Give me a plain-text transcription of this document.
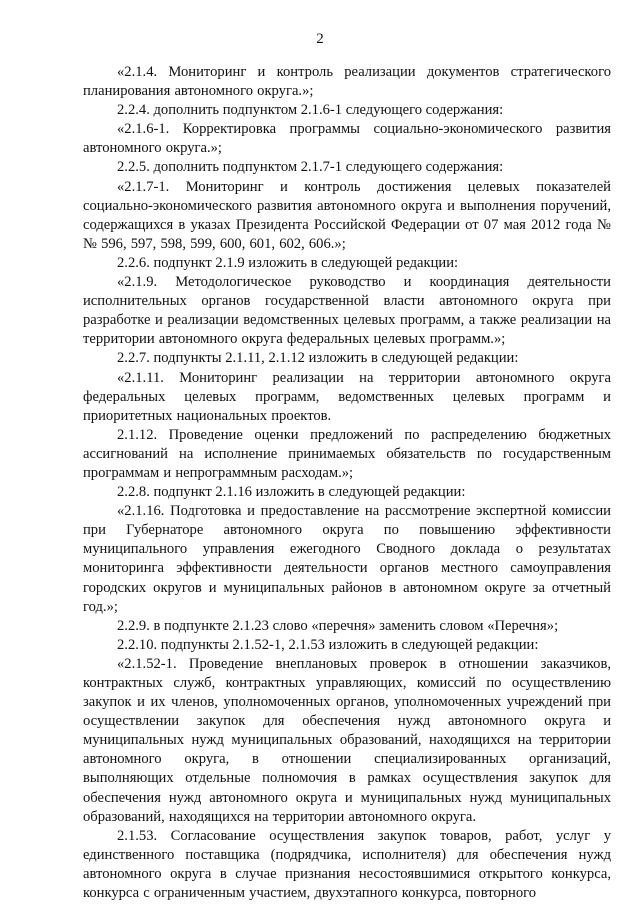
2

«2.1.4. Мониторинг и контроль реализации документов стратегического планирования автономного округа.»;

2.2.4. дополнить подпунктом 2.1.6-1 следующего содержания:

«2.1.6-1. Корректировка программы социально-экономического развития автономного округа.»;

2.2.5. дополнить подпунктом 2.1.7-1 следующего содержания:

«2.1.7-1. Мониторинг и контроль достижения целевых показателей социально-экономического развития автономного округа и выполнения поручений, содержащихся в указах Президента Российской Федерации от 07 мая 2012 года №№ 596, 597, 598, 599, 600, 601, 602, 606.»;

2.2.6. подпункт 2.1.9 изложить в следующей редакции:

«2.1.9. Методологическое руководство и координация деятельности исполнительных органов государственной власти автономного округа при разработке и реализации ведомственных целевых программ, а также реализации на территории автономного округа федеральных целевых программ.»;

2.2.7. подпункты 2.1.11, 2.1.12 изложить в следующей редакции:

«2.1.11. Мониторинг реализации на территории автономного округа федеральных целевых программ, ведомственных целевых программ и приоритетных национальных проектов.

2.1.12. Проведение оценки предложений по распределению бюджетных ассигнований на исполнение принимаемых обязательств по государственным программам и непрограммным расходам.»;

2.2.8. подпункт 2.1.16 изложить в следующей редакции:

«2.1.16. Подготовка и предоставление на рассмотрение экспертной комиссии при Губернаторе автономного округа по повышению эффективности муниципального управления ежегодного Сводного доклада о результатах мониторинга эффективности деятельности органов местного самоуправления городских округов и муниципальных районов в автономном округе за отчетный год.»;

2.2.9. в подпункте 2.1.23 слово «перечня» заменить словом «Перечня»;

2.2.10. подпункты 2.1.52-1, 2.1.53 изложить в следующей редакции:

«2.1.52-1. Проведение внеплановых проверок в отношении заказчиков, контрактных служб, контрактных управляющих, комиссий по осуществлению закупок и их членов, уполномоченных органов, уполномоченных учреждений при осуществлении закупок для обеспечения нужд автономного округа и муниципальных нужд муниципальных образований, находящихся на территории автономного округа, в отношении специализированных организаций, выполняющих отдельные полномочия в рамках осуществления закупок для обеспечения нужд автономного округа и муниципальных нужд муниципальных образований, находящихся на территории автономного округа.

2.1.53. Согласование осуществления закупок товаров, работ, услуг у единственного поставщика (подрядчика, исполнителя) для обеспечения нужд автономного округа в случае признания несостоявшимися открытого конкурса, конкурса с ограниченным участием, двухэтапного конкурса, повторного
